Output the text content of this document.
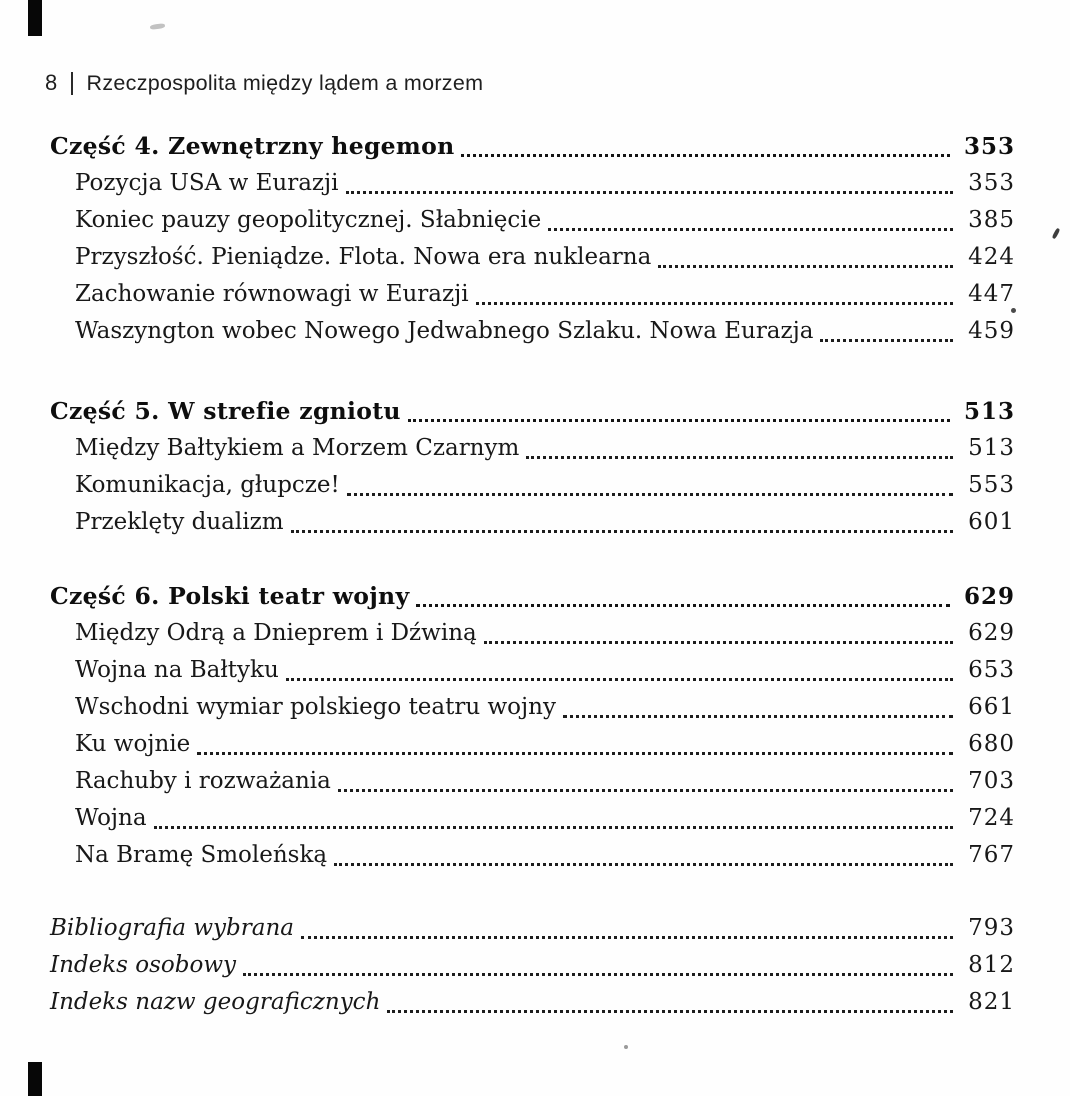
8 Rzeczpospolita między lądem a morzem
Część 4. Zewnętrzny hegemon	353
Pozycja USA w Eurazji	353
Koniec pauzy geopolitycznej. Słabnięcie	385
Przyszłość. Pieniądze. Flota. Nowa era nuklearna	424
Zachowanie równowagi w Eurazji	447
Waszyngton wobec Nowego Jedwabnego Szlaku. Nowa Eurazja	459
Część 5. W strefie zgniotu	513
Między Bałtykiem a Morzem Czarnym	513
Komunikacja, głupcze!	553
Przeklęty dualizm	601
Część 6. Polski teatr wojny	629
Między Odrą a Dnieprem i Dźwiną	629
Wojna na Bałtyku	653
Wschodni wymiar polskiego teatru wojny	661
Ku wojnie	680
Rachuby i rozważania	703
Wojna	724
Na Bramę Smoleńską	767
Bibliografia wybrana	793
Indeks osobowy	812
Indeks nazw geograficznych	821
